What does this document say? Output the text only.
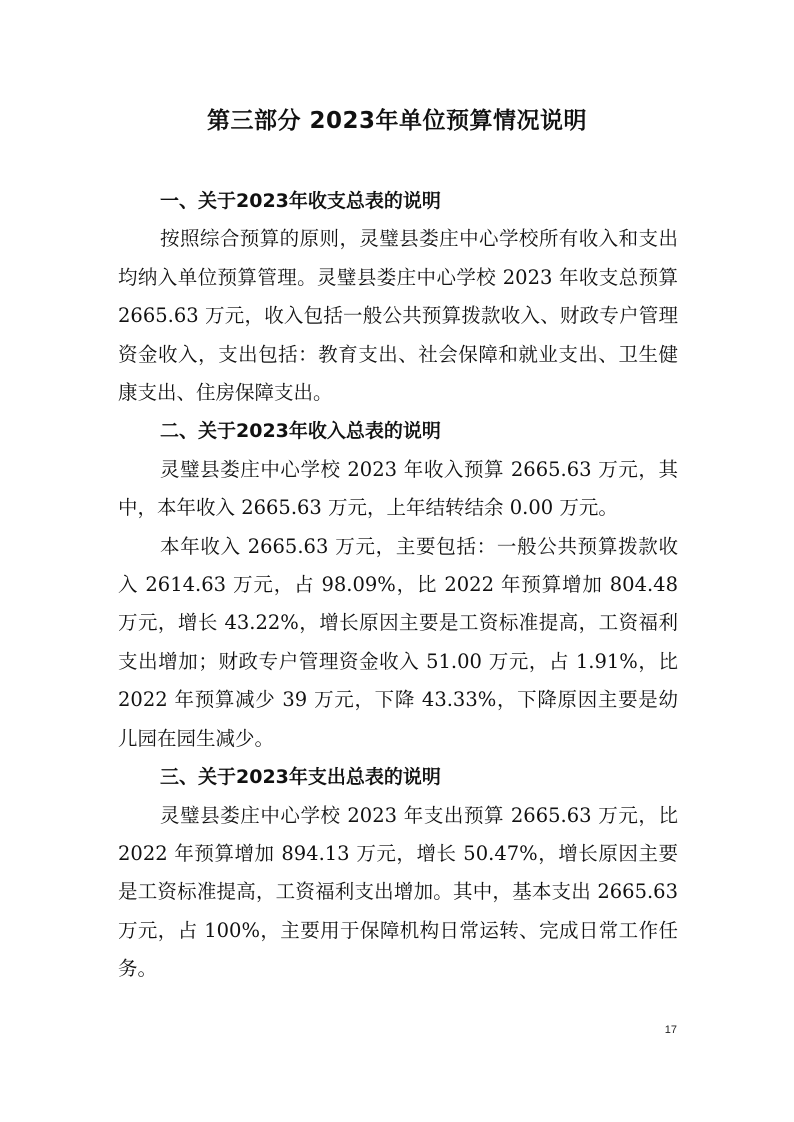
第三部分 2023年单位预算情况说明

一、关于2023年收支总表的说明

按照综合预算的原则，灵璧县娄庄中心学校所有收入和支出均纳入单位预算管理。灵璧县娄庄中心学校 2023 年收支总预算 2665.63 万元，收入包括一般公共预算拨款收入、财政专户管理资金收入，支出包括：教育支出、社会保障和就业支出、卫生健康支出、住房保障支出。

二、关于2023年收入总表的说明

灵璧县娄庄中心学校 2023 年收入预算 2665.63 万元，其中，本年收入 2665.63 万元，上年结转结余 0.00 万元。

本年收入 2665.63 万元，主要包括：一般公共预算拨款收入 2614.63 万元，占 98.09%，比 2022 年预算增加 804.48 万元，增长 43.22%，增长原因主要是工资标准提高，工资福利支出增加；财政专户管理资金收入 51.00 万元，占 1.91%，比 2022 年预算减少 39 万元，下降 43.33%，下降原因主要是幼儿园在园生减少。

三、关于2023年支出总表的说明

灵璧县娄庄中心学校 2023 年支出预算 2665.63 万元，比 2022 年预算增加 894.13 万元，增长 50.47%，增长原因主要是工资标准提高，工资福利支出增加。其中，基本支出 2665.63 万元，占 100%，主要用于保障机构日常运转、完成日常工作任务。

17
